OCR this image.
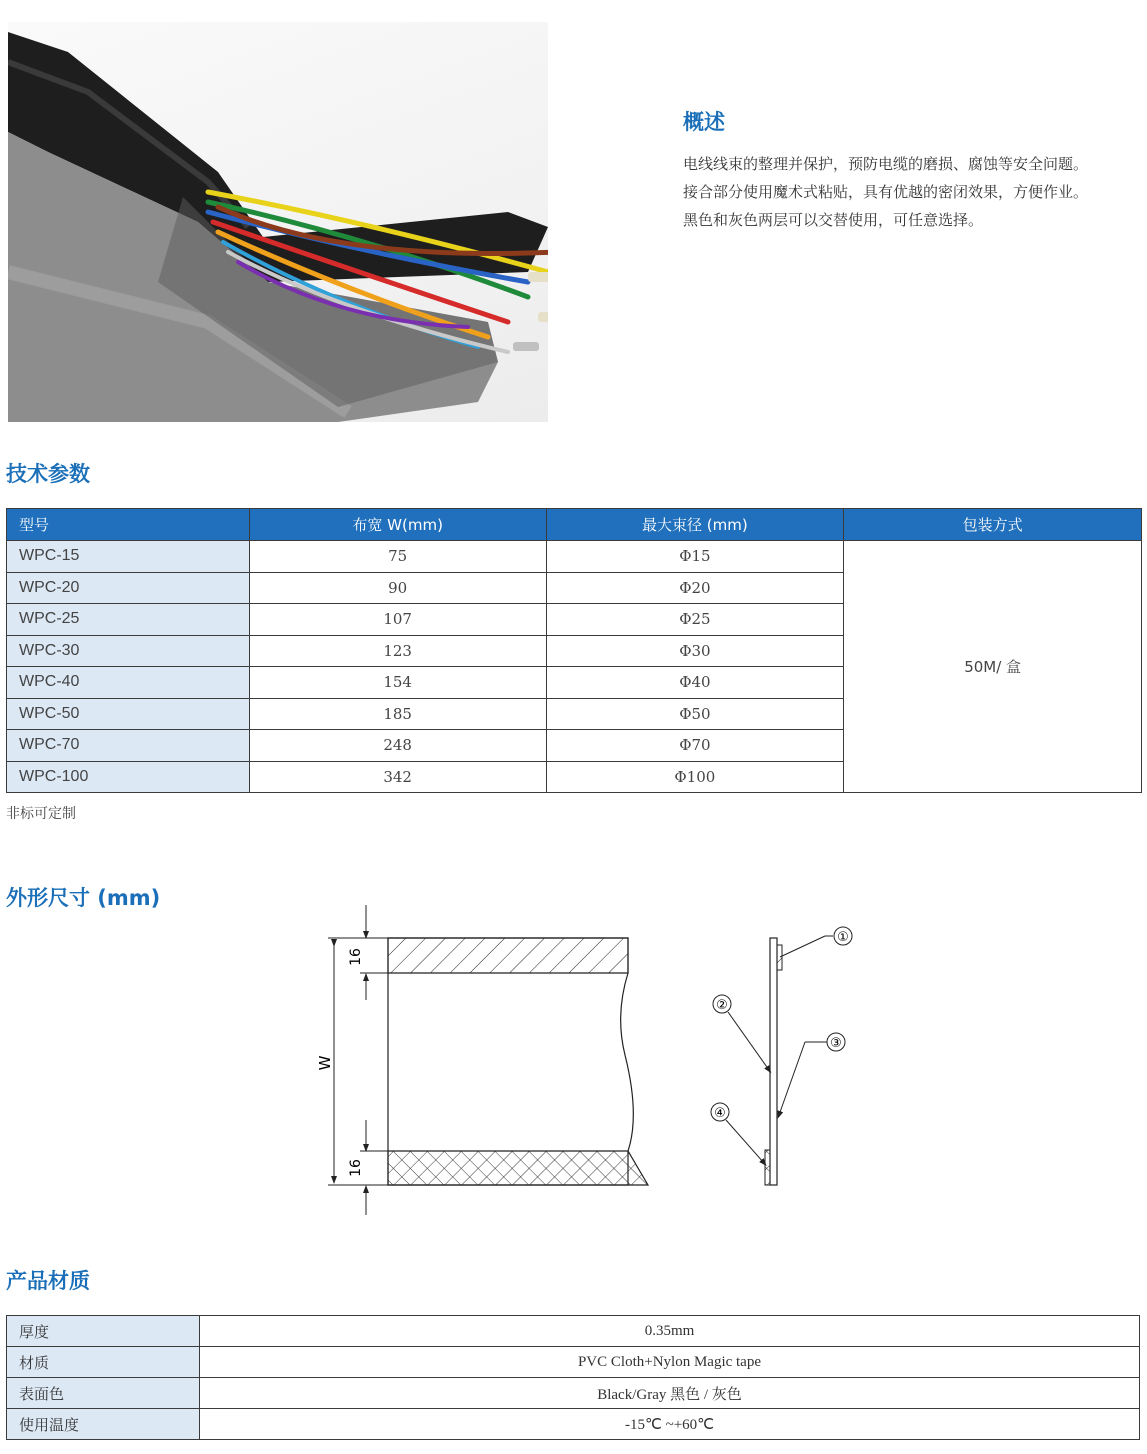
概述
电线线束的整理并保护，预防电缆的磨损、腐蚀等安全问题。
接合部分使用魔术式粘贴，具有优越的密闭效果，方便作业。
黑色和灰色两层可以交替使用，可任意选择。
技术参数
型号	布宽 W(mm)	最大束径 (mm)	包装方式
WPC-15	75	Φ15	50M/ 盒
WPC-20	90	Φ20	
WPC-25	107	Φ25	
WPC-30	123	Φ30	
WPC-40	154	Φ40	
WPC-50	185	Φ50	
WPC-70	248	Φ70	
WPC-100	342	Φ100	
非标可定制
外形尺寸 (mm)
W
16
16
①
②
③
④
产品材质
厚度	0.35mm
材质	PVC Cloth+Nylon Magic tape
表面色	Black/Gray 黑色 / 灰色
使用温度	-15℃ ~+60℃
